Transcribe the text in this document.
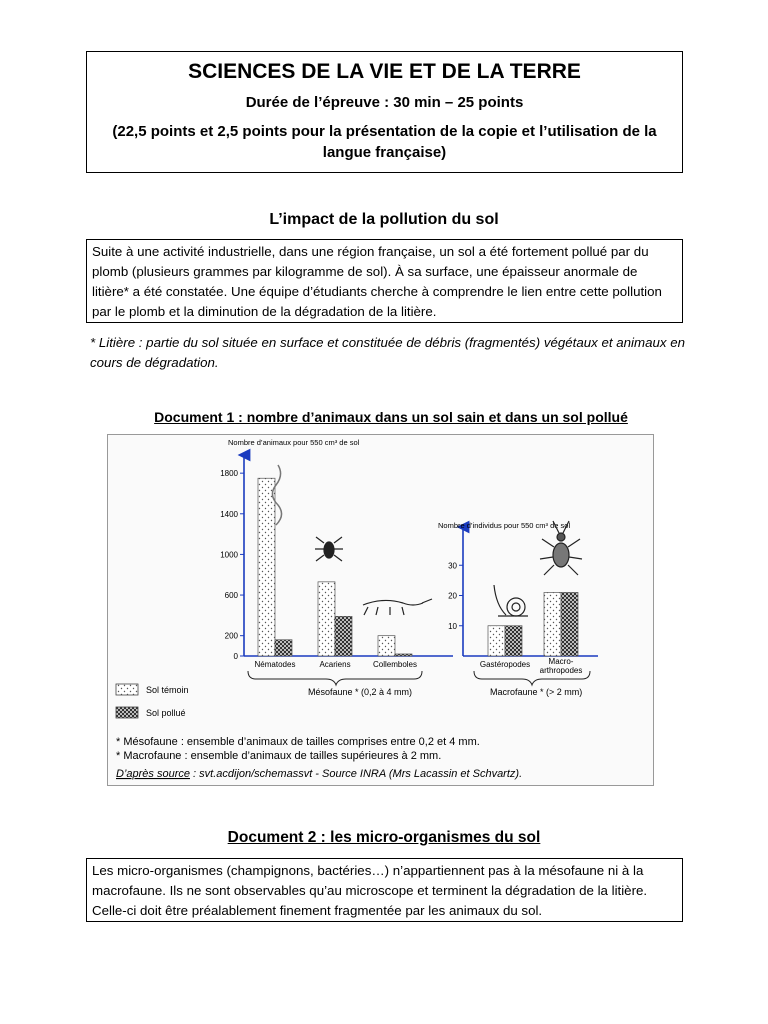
SCIENCES DE LA VIE ET DE LA TERRE
Durée de l’épreuve : 30 min – 25 points
(22,5 points et 2,5 points pour la présentation de la copie et l’utilisation de la langue française)
L’impact de la pollution du sol
Suite à une activité industrielle, dans une région française, un sol a été fortement pollué par du plomb (plusieurs grammes par kilogramme de sol). À sa surface, une épaisseur anormale de litière* a été constatée. Une équipe d’étudiants cherche à comprendre le lien entre cette pollution par le plomb et la diminution de la dégradation de la litière.
* Litière : partie du sol située en surface et constituée de débris (fragmentés) végétaux et animaux en cours de dégradation.
Document 1 : nombre d’animaux dans un sol sain et dans un sol pollué
Nombre d’animaux pour 550 cm³ de sol
0
200
600
1000
1400
1800
Nématodes	Acariens	Collemboles
Nombre d’individus pour 550 cm³ de sol
10
20
30
Gastéropodes	Macro-arthropodes
Sol témoin
Sol pollué
Mésofaune * (0,2 à 4 mm)	Macrofaune * (> 2 mm)
* Mésofaune : ensemble d’animaux de tailles comprises entre 0,2 et 4 mm.
* Macrofaune : ensemble d’animaux de tailles supérieures à 2 mm.
D’après source : svt.acdijon/schemassvt - Source INRA (Mrs Lacassin et Schvartz).
Document 2 : les micro-organismes du sol
Les micro-organismes (champignons, bactéries…) n’appartiennent pas à la mésofaune ni à la macrofaune. Ils ne sont observables qu’au microscope et terminent la dégradation de la litière. Celle-ci doit être préalablement finement fragmentée par les animaux du sol.
